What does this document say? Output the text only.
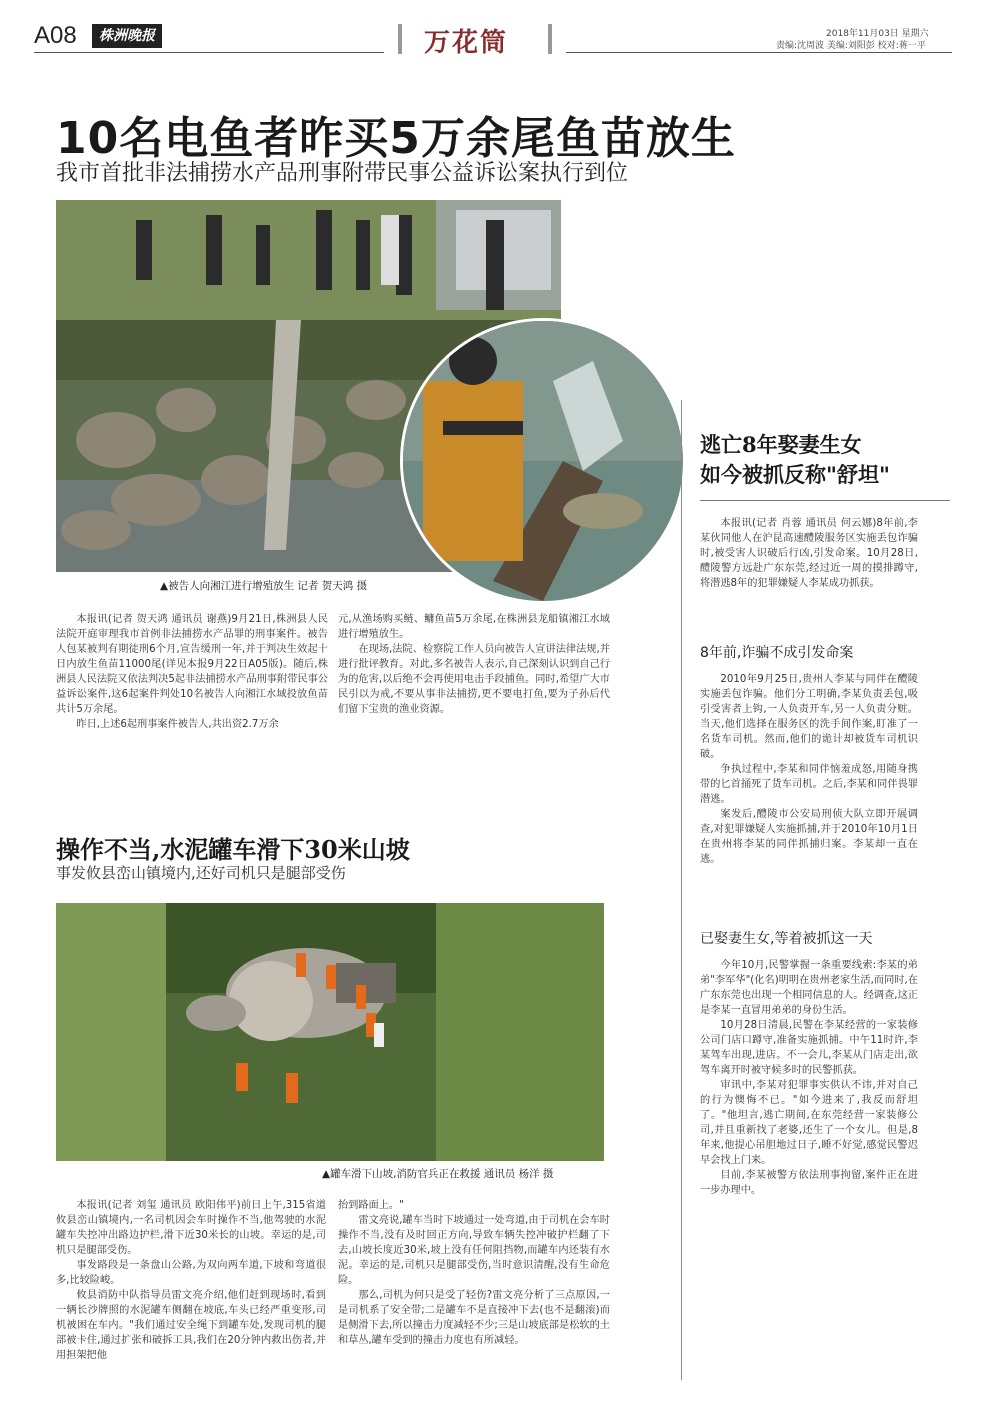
A08	株洲晚报	万花筒	2018年11月03日 星期六
责编:沈周波 美编:刘阳彭 校对:蒋一平
10名电鱼者昨买5万余尾鱼苗放生
我市首批非法捕捞水产品刑事附带民事公益诉讼案执行到位
▲被告人向湘江进行增殖放生 记者 贺天鸿 摄

本报讯(记者 贺天鸿 通讯员 谢燕)9月21日,株洲县人民法院开庭审理我市首例非法捕捞水产品罪的刑事案件。被告人包某被判有期徒刑6个月,宣告缓刑一年,并于判决生效起十日内放生鱼苗11000尾(详见本报9月22日A05版)。随后,株洲县人民法院又依法判决5起非法捕捞水产品刑事附带民事公益诉讼案件,这6起案件判处10名被告人向湘江水域投放鱼苗共计5万余尾。

昨日,上述6起刑事案件被告人,共出资2.7万余

元,从渔场购买鲢、鳙鱼苗5万余尾,在株洲县龙船镇湘江水域进行增殖放生。

在现场,法院、检察院工作人员向被告人宣讲法律法规,并进行批评教育。对此,多名被告人表示,自己深刻认识到自己行为的危害,以后绝不会再使用电击手段捕鱼。同时,希望广大市民引以为戒,不要从事非法捕捞,更不要电打鱼,要为子孙后代们留下宝贵的渔业资源。

操作不当,水泥罐车滑下30米山坡
事发攸县峦山镇境内,还好司机只是腿部受伤
▲罐车滑下山坡,消防官兵正在救援 通讯员 杨洋 摄

本报讯(记者 刘玺 通讯员 欧阳伟平)前日上午,315省道攸县峦山镇境内,一名司机因会车时操作不当,他驾驶的水泥罐车失控冲出路边护栏,滑下近30米长的山坡。幸运的是,司机只是腿部受伤。

事发路段是一条盘山公路,为双向两车道,下坡和弯道很多,比较险峻。

攸县消防中队指导员雷文亮介绍,他们赶到现场时,看到一辆长沙牌照的水泥罐车侧翻在坡底,车头已经严重变形,司机被困在车内。"我们通过安全绳下到罐车处,发现司机的腿部被卡住,通过扩张和破拆工具,我们在20分钟内救出伤者,并用担架把他

抬到路面上。"

雷文亮说,罐车当时下坡通过一处弯道,由于司机在会车时操作不当,没有及时回正方向,导致车辆失控冲破护栏翻了下去,山坡长度近30米,坡上没有任何阻挡物,而罐车内还装有水泥。幸运的是,司机只是腿部受伤,当时意识清醒,没有生命危险。

那么,司机为何只是受了轻伤?雷文亮分析了三点原因,一是司机系了安全带;二是罐车不是直接冲下去(也不是翻滚)而是侧滑下去,所以撞击力度减轻不少;三是山坡底部是松软的土和草丛,罐车受到的撞击力度也有所减轻。

逃亡8年娶妻生女
如今被抓反称"舒坦"

本报讯(记者 肖蓉 通讯员 何云娜)8年前,李某伙同他人在沪昆高速醴陵服务区实施丢包诈骗时,被受害人识破后行凶,引发命案。10月28日,醴陵警方远赴广东东莞,经过近一周的摸排蹲守,将潜逃8年的犯罪嫌疑人李某成功抓获。

8年前,诈骗不成引发命案

2010年9月25日,贵州人李某与同伴在醴陵实施丢包诈骗。他们分工明确,李某负责丢包,吸引受害者上钩,一人负责开车,另一人负责分赃。当天,他们选择在服务区的洗手间作案,盯准了一名货车司机。然而,他们的诡计却被货车司机识破。

争执过程中,李某和同伴恼羞成怒,用随身携带的匕首捅死了货车司机。之后,李某和同伴畏罪潜逃。

案发后,醴陵市公安局刑侦大队立即开展调查,对犯罪嫌疑人实施抓捕,并于2010年10月1日在贵州将李某的同伴抓捕归案。李某却一直在逃。

已娶妻生女,等着被抓这一天

今年10月,民警掌握一条重要线索:李某的弟弟"李军华"(化名)明明在贵州老家生活,而同时,在广东东莞也出现一个相同信息的人。经调查,这正是李某一直冒用弟弟的身份生活。

10月28日清晨,民警在李某经营的一家装修公司门店口蹲守,准备实施抓捕。中午11时许,李某驾车出现,进店。不一会儿,李某从门店走出,欲驾车离开时被守候多时的民警抓获。

审讯中,李某对犯罪事实供认不讳,并对自己的行为懊悔不已。"如今进来了,我反而舒坦了。"他坦言,逃亡期间,在东莞经营一家装修公司,并且重新找了老婆,还生了一个女儿。但是,8年来,他提心吊胆地过日子,睡不好觉,感觉民警迟早会找上门来。

目前,李某被警方依法刑事拘留,案件正在进一步办理中。
